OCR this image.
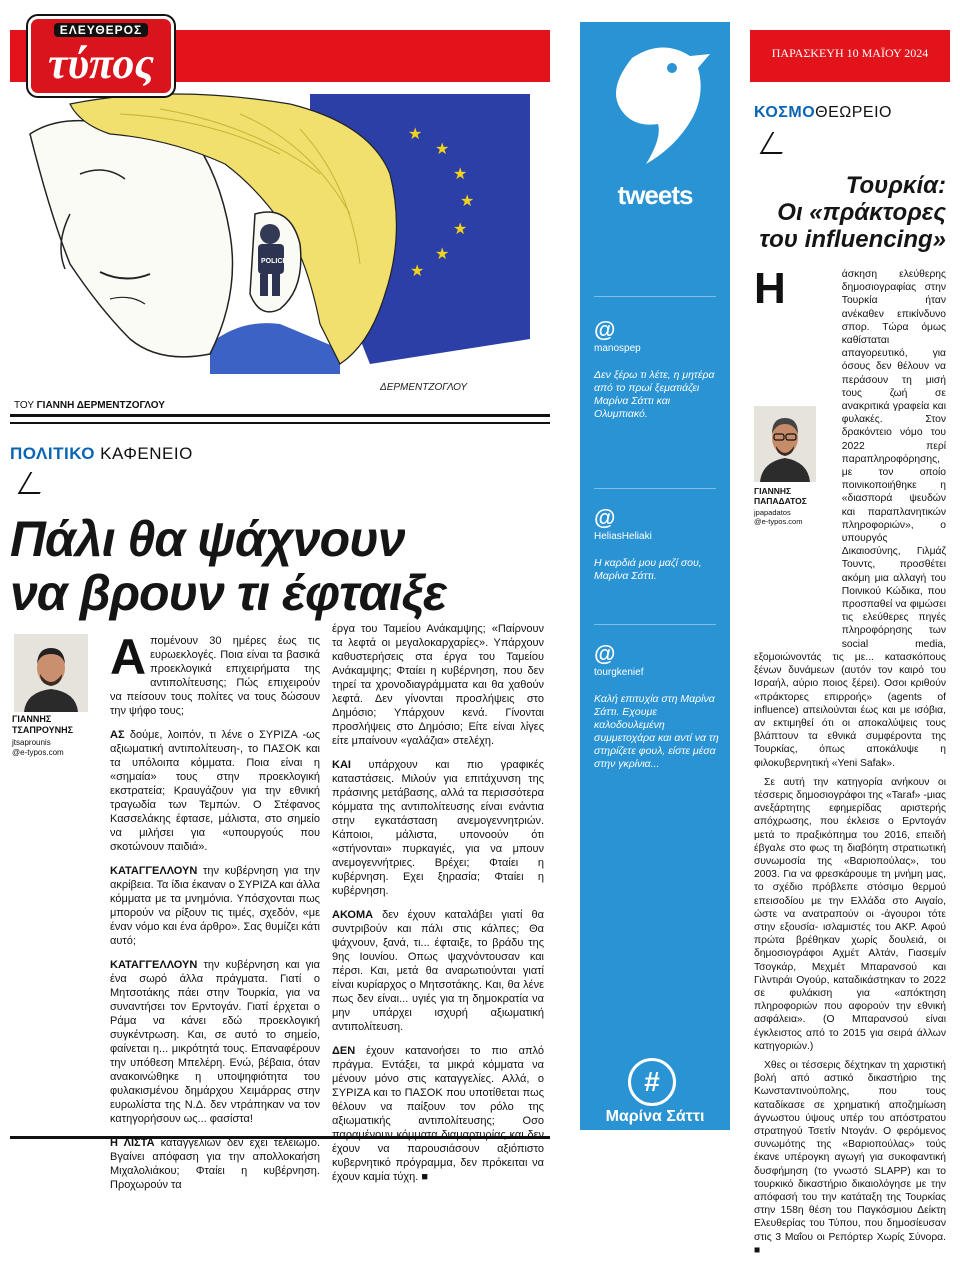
ΕΛΕΥΘΕΡΟΣ
τύπος
★
★
★
★
★
★
★
POLICE
ΔΕΡΜΕΝΤΖΟΓΛΟΥ
ΤΟΥ ΓΙΑΝΝΗ ΔΕΡΜΕΝΤΖΟΓΛΟΥ
ΠΟΛΙΤΙΚΟ ΚΑΦΕΝΕΙΟ
Πάλι θα ψάχνουν
να βρουν τι έφταιξε
ΓΙΑΝΝΗΣ
ΤΣΑΠΡΟΥΝΗΣ
jtsaprounis
@e-typos.com

Απομένουν 30 ημέρες έως τις ευρωεκλογές. Ποια είναι τα βασικά προεκλογικά επιχειρήματα της αντιπολίτευσης; Πώς επιχειρούν να πείσουν τους πολίτες να τους δώσουν την ψήφο τους;

ΑΣ δούμε, λοιπόν, τι λένε ο ΣΥΡΙΖΑ -ως αξιωματική αντιπολίτευση-, το ΠΑΣΟΚ και τα υπόλοιπα κόμματα. Ποια είναι η «σημαία» τους στην προεκλογική εκστρατεία; Κραυγάζουν για την εθνική τραγωδία των Τεμπών. Ο Στέφανος Κασσελάκης έφτασε, μάλιστα, στο σημείο να μιλήσει για «υπουργούς που σκοτώνουν παιδιά».

ΚΑΤΑΓΓΕΛΛΟΥΝ την κυβέρνηση για την ακρίβεια. Τα ίδια έκαναν ο ΣΥΡΙΖΑ και άλλα κόμματα με τα μνημόνια. Υπόσχονται πως μπορούν να ρίξουν τις τιμές, σχεδόν, «με έναν νόμο και ένα άρθρο». Σας θυμίζει κάτι αυτό;

ΚΑΤΑΓΓΕΛΛΟΥΝ την κυβέρνηση και για ένα σωρό άλλα πράγματα. Γιατί ο Μητσοτάκης πάει στην Τουρκία, για να συναντήσει τον Ερντογάν. Γιατί έρχεται ο Ράμα να κάνει εδώ προεκλογική συγκέντρωση. Και, σε αυτό το σημείο, φαίνεται η... μικρότητά τους. Επαναφέρουν την υπόθεση Μπελέρη. Ενώ, βέβαια, όταν ανακοινώθηκε η υποψηφιότητα του φυλακισμένου δημάρχου Χειμάρρας στην ευρωλίστα της Ν.Δ. δεν ντράπηκαν να τον κατηγορήσουν ως... φασίστα!

Η ΛΙΣΤΑ καταγγελιών δεν έχει τελειωμό. Βγαίνει απόφαση για την απολλοκαήση Μιχαλολιάκου; Φταίει η κυβέρνηση. Προχωρούν τα

έργα του Ταμείου Ανάκαμψης; «Παίρνουν τα λεφτά οι μεγαλοκαρχαρίες». Υπάρχουν καθυστερήσεις στα έργα του Ταμείου Ανάκαμψης; Φταίει η κυβέρνηση, που δεν τηρεί τα χρονοδιαγράμματα και θα χαθούν λεφτά. Δεν γίνονται προσλήψεις στο Δημόσιο; Υπάρχουν κενά. Γίνονται προσλήψεις στο Δημόσιο; Είτε είναι λίγες είτε μπαίνουν «γαλάζια» στελέχη.

ΚΑΙ υπάρχουν και πιο γραφικές καταστάσεις. Μιλούν για επιτάχυνση της πράσινης μετάβασης, αλλά τα περισσότερα κόμματα της αντιπολίτευσης είναι ενάντια στην εγκατάσταση ανεμογεννητριών. Κάποιοι, μάλιστα, υπονοούν ότι «στήνονται» πυρκαγιές, για να μπουν ανεμογεννήτριες. Βρέχει; Φταίει η κυβέρνηση. Εχει ξηρασία; Φταίει η κυβέρνηση.

ΑΚΟΜΑ δεν έχουν καταλάβει γιατί θα συντριβούν και πάλι στις κάλπες; Θα ψάχνουν, ξανά, τι... έφταιξε, το βράδυ της 9ης Ιουνίου. Οπως ψαχνόντουσαν και πέρσι. Και, μετά θα αναρωτιούνται γιατί είναι κυρίαρχος ο Μητσοτάκης. Και, θα λένε πως δεν είναι... υγιές για τη δημοκρατία να μην υπάρχει ισχυρή αξιωματική αντιπολίτευση.

ΔΕΝ έχουν κατανοήσει το πιο απλό πράγμα. Εντάξει, τα μικρά κόμματα να μένουν μόνο στις καταγγελίες. Αλλά, ο ΣΥΡΙΖΑ και το ΠΑΣΟΚ που υποτίθεται πως θέλουν να παίξουν τον ρόλο της αξιωματικής αντιπολίτευσης; Οσο παραμένουν κόμματα διαμαρτυρίας και δεν έχουν να παρουσιάσουν αξιόπιστο κυβερνητικό πρόγραμμα, δεν πρόκειται να έχουν καμία τύχη. ■

tweets
@
manospep
Δεν ξέρω τι λέτε, η μητέρα από το πρωί ξεματιάζει Μαρίνα Σάττι και Ολυμπιακό.
@
HeliasHeliaki
Η καρδιά μου μαζί σου, Μαρίνα Σάττι.
@
tourgkenief
Καλή επιτυχία στη Μαρίνα Σάττι. Εχουμε καλοδουλεμένη συμμετοχάρα και αντί να τη στηρίζετε φουλ, είστε μέσα στην γκρίνια...
#
Μαρίνα Σάττι
ΠΑΡΑΣΚΕΥΗ 10 ΜΑΪΟΥ 2024
ΚΟΣΜΟΘΕΩΡΕΙΟ
Τουρκία:
Οι «πράκτορες
του influencing»

Η	άσκηση ελεύθερης δημοσιογραφίας στην Τουρκία ήταν ανέκαθεν επικίνδυνο σπορ. Τώρα όμως καθίσταται απαγορευτικό, για όσους δεν θέλουν να περάσουν τη μισή τους ζωή σε ανακριτικά γραφεία και φυλακές. Στον δρακόντειο νόμο του 2022 περί παραπληροφόρησης, με τον οποίο ποινικοποιήθηκε η «διασπορά ψευδών και παραπλανητικών πληροφοριών», ο υπουργός Δικαιοσύνης, Γιλμάζ Τουντς, προσθέτει ακόμη μια αλλαγή του Ποινικού Κώδικα, που προσπαθεί να φιμώσει τις ελεύθερες πηγές πληροφόρησης των social media, εξομοιώνοντάς τις με... κατασκόπους ξένων δυνάμεων (αυτόν τον καιρό του Ισραήλ, αύριο ποιος ξέρει). Οσοι κριθούν «πράκτορες επιρροής» (agents of influence) απειλούνται έως και με ισόβια, αν εκτιμηθεί ότι οι αποκαλύψεις τους βλάπτουν τα εθνικά συμφέροντα της Τουρκίας, όπως αποκάλυψε η φιλοκυβερνητική «Yeni Safak».

Σε αυτή την κατηγορία ανήκουν οι τέσσερις δημοσιογράφοι της «Taraf» -μιας ανεξάρτητης εφημερίδας αριστερής απόχρωσης, που έκλεισε ο Ερντογάν μετά το πραξικόπημα του 2016, επειδή έβγαλε στο φως τη διαβόητη στρατιωτική συνωμοσία της «Βαριοπούλας», του 2003. Για να φρεσκάρουμε τη μνήμη μας, το σχέδιο πρόβλεπε στόσιμο θερμού επεισοδίου με την Ελλάδα στο Αιγαίο, ώστε να ανατραπούν οι -άγουροι τότε στην εξουσία- ισλαμιστές του ΑΚΡ. Αφού πρώτα βρέθηκαν χωρίς δουλειά, οι δημοσιογράφοι Αχμέτ Αλτάν, Γιασεμίν Τσογκάρ, Μεχμέτ Μπαρανσού και Γιλντιράι Ογούρ, καταδικάστηκαν το 2022 σε φυλάκιση για «απόκτηση πληροφοριών που αφορούν την εθνική ασφάλεια». (Ο Μπαρανσού είναι έγκλειστος από το 2015 για σειρά άλλων κατηγοριών.)

Χθες οι τέσσερις δέχτηκαν τη χαριστική βολή από αστικό δικαστήριο της Κωνσταντινούπολης, που τους καταδίκασε σε χρηματική αποζημίωση άγνωστου ύψους υπέρ του απόστρατου στρατηγού Τσετίν Ντογάν. Ο φερόμενος συνωμότης της «Βαριοπούλας» τούς έκανε υπέρογκη αγωγή για συκοφαντική δυσφήμηση (το γνωστό SLAPP) και το τουρκικό δικαστήριο δικαιολόγησε με την απόφασή του την κατάταξη της Τουρκίας στην 158η θέση του Παγκόσμιου Δείκτη Ελευθερίας του Τύπου, που δημοσίευσαν στις 3 Μαΐου οι Ρεπόρτερ Χωρίς Σύνορα. ■

ΓΙΑΝΝΗΣ
ΠΑΠΑΔΑΤΟΣ
jpapadatos
@e-typos.com
